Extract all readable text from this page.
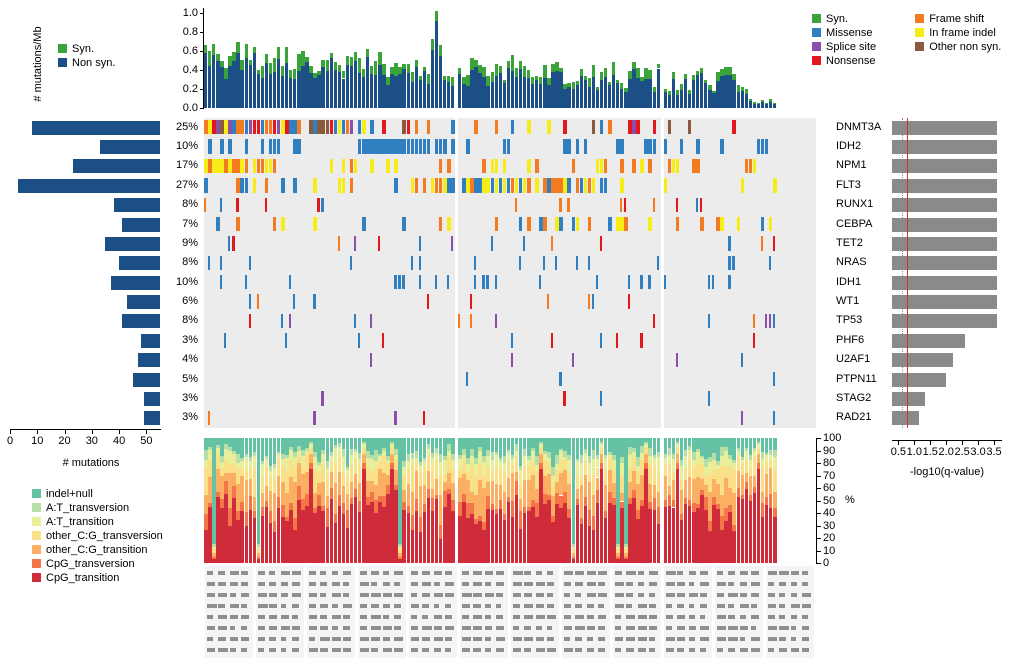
Syn.
Non syn.
Syn.
Missense
Splice site
Nonsense
Frame shift
In frame indel
Other non syn.
# mutations/Mb
0.0
0.2
0.4
0.6
0.8
1.0
25%
10%
17%
27%
8%
7%
9%
8%
10%
6%
8%
3%
4%
5%
3%
3%
DNMT3A
IDH2
NPM1
FLT3
RUNX1
CEBPA
TET2
NRAS
IDH1
WT1
TP53
PHF6
U2AF1
PTPN11
STAG2
RAD21
50
40
30
20
10
0
# mutations
0.5 1.0 1.5 2.0 2.5 3.0 3.5
-log10(q-value)
0
10
20
30
40
50
60
70
80
90
100
%
indel+null
A:T_transversion
A:T_transition
other_C:G_transversion
other_C:G_transition
CpG_transversion
CpG_transition
